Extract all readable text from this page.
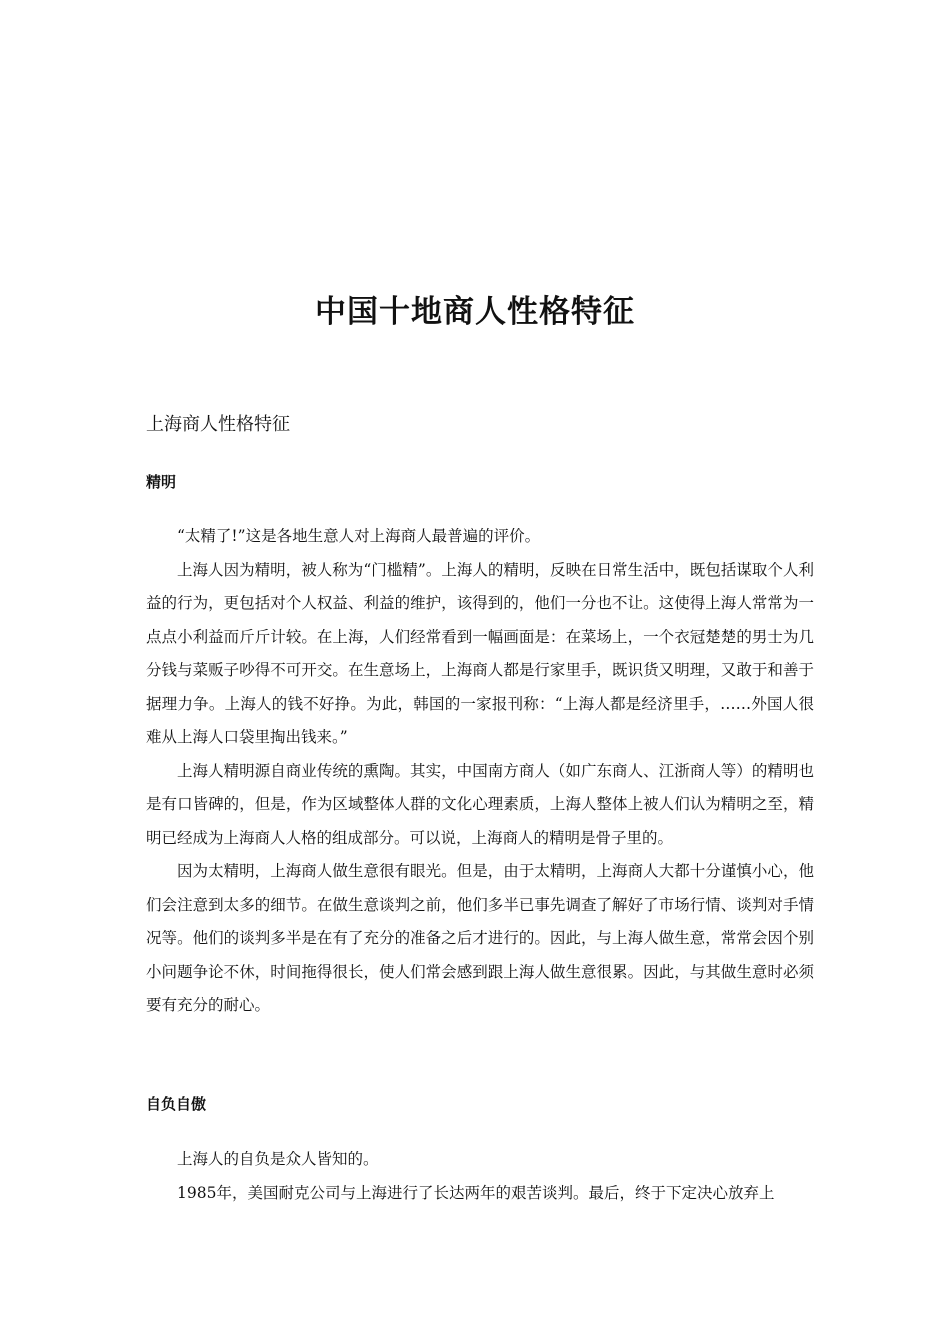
中国十地商人性格特征
上海商人性格特征
精明

“太精了!”这是各地生意人对上海商人最普遍的评价。

上海人因为精明，被人称为“门槛精”。上海人的精明，反映在日常生活中，既包括谋取个人利益的行为，更包括对个人权益、利益的维护，该得到的，他们一分也不让。这使得上海人常常为一点点小利益而斤斤计较。在上海，人们经常看到一幅画面是：在菜场上，一个衣冠楚楚的男士为几分钱与菜贩子吵得不可开交。在生意场上，上海商人都是行家里手，既识货又明理，又敢于和善于据理力争。上海人的钱不好挣。为此，韩国的一家报刊称：“上海人都是经济里手，……外国人很难从上海人口袋里掏出钱来。”

上海人精明源自商业传统的熏陶。其实，中国南方商人（如广东商人、江浙商人等）的精明也是有口皆碑的，但是，作为区域整体人群的文化心理素质，上海人整体上被人们认为精明之至，精明已经成为上海商人人格的组成部分。可以说，上海商人的精明是骨子里的。

因为太精明，上海商人做生意很有眼光。但是，由于太精明，上海商人大都十分谨慎小心，他们会注意到太多的细节。在做生意谈判之前，他们多半已事先调查了解好了市场行情、谈判对手情况等。他们的谈判多半是在有了充分的准备之后才进行的。因此，与上海人做生意，常常会因个别小问题争论不休，时间拖得很长，使人们常会感到跟上海人做生意很累。因此，与其做生意时必须要有充分的耐心。

自负自傲

上海人的自负是众人皆知的。

1985年，美国耐克公司与上海进行了长达两年的艰苦谈判。最后，终于下定决心放弃上
